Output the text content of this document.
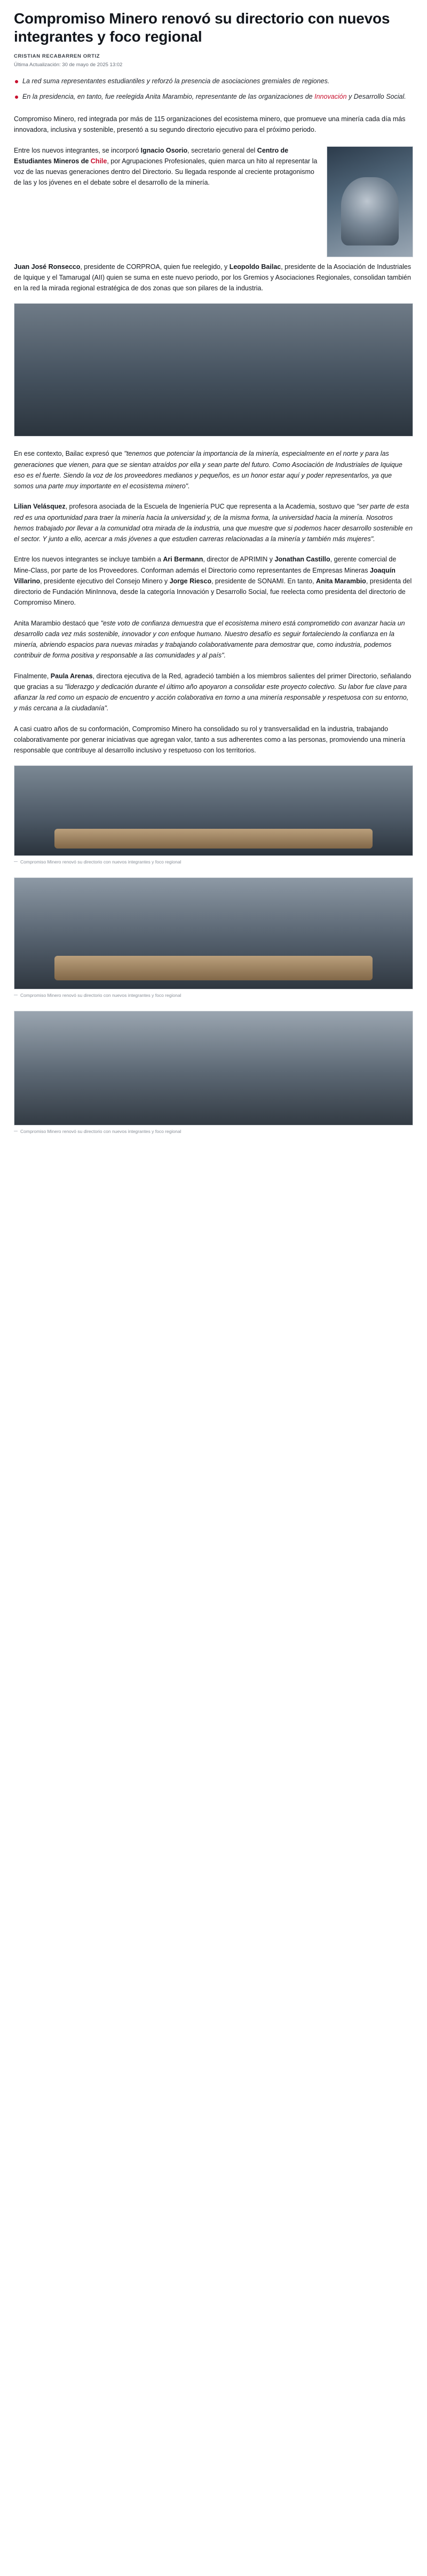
Compromiso Minero renovó su directorio con nuevos integrantes y foco regional
CRISTIAN RECABARREN ORTIZ
Última Actualización: 30 de mayo de 2025 13:02
La red suma representantes estudiantiles y reforzó la presencia de asociaciones gremiales de regiones.
En la presidencia, en tanto, fue reelegida Anita Marambio, representante de las organizaciones de Innovación y Desarrollo Social.

Compromiso Minero, red integrada por más de 115 organizaciones del ecosistema minero, que promueve una minería cada día más innovadora, inclusiva y sostenible, presentó a su segundo directorio ejecutivo para el próximo periodo.

Entre los nuevos integrantes, se incorporó Ignacio Osorio, secretario general del Centro de Estudiantes Mineros de Chile, por Agrupaciones Profesionales, quien marca un hito al representar la voz de las nuevas generaciones dentro del Directorio. Su llegada responde al creciente protagonismo de las y los jóvenes en el debate sobre el desarrollo de la minería.

Juan José Ronsecco, presidente de CORPROA, quien fue reelegido, y Leopoldo Bailac, presidente de la Asociación de Industriales de Iquique y el Tamarugal (AII) quien se suma en este nuevo periodo, por los Gremios y Asociaciones Regionales, consolidan también en la red la mirada regional estratégica de dos zonas que son pilares de la industria.

En ese contexto, Bailac expresó que "tenemos que potenciar la importancia de la minería, especialmente en el norte y para las generaciones que vienen, para que se sientan atraídos por ella y sean parte del futuro. Como Asociación de Industriales de Iquique eso es el fuerte. Siendo la voz de los proveedores medianos y pequeños, es un honor estar aquí y poder representarlos, ya que somos una parte muy importante en el ecosistema minero".

Lilian Velásquez, profesora asociada de la Escuela de Ingeniería PUC que representa a la Academia, sostuvo que "ser parte de esta red es una oportunidad para traer la minería hacia la universidad y, de la misma forma, la universidad hacia la minería. Nosotros hemos trabajado por llevar a la comunidad otra mirada de la industria, una que muestre que si podemos hacer desarrollo sostenible en el sector. Y junto a ello, acercar a más jóvenes a que estudien carreras relacionadas a la minería y también más mujeres".

Entre los nuevos integrantes se incluye también a Ari Bermann, director de APRIMIN y Jonathan Castillo, gerente comercial de Mine-Class, por parte de los Proveedores. Conforman además el Directorio como representantes de Empresas Mineras Joaquín Villarino, presidente ejecutivo del Consejo Minero y Jorge Riesco, presidente de SONAMI. En tanto, Anita Marambio, presidenta del directorio de Fundación MinInnova, desde la categoría Innovación y Desarrollo Social, fue reelecta como presidenta del directorio de Compromiso Minero.

Anita Marambio destacó que "este voto de confianza demuestra que el ecosistema minero está comprometido con avanzar hacia un desarrollo cada vez más sostenible, innovador y con enfoque humano. Nuestro desafío es seguir fortaleciendo la confianza en la minería, abriendo espacios para nuevas miradas y trabajando colaborativamente para demostrar que, como industria, podemos contribuir de forma positiva y responsable a las comunidades y al país".

Finalmente, Paula Arenas, directora ejecutiva de la Red, agradeció también a los miembros salientes del primer Directorio, señalando que gracias a su "liderazgo y dedicación durante el último año apoyaron a consolidar este proyecto colectivo. Su labor fue clave para afianzar la red como un espacio de encuentro y acción colaborativa en torno a una minería responsable y respetuosa con su entorno, y más cercana a la ciudadanía".

A casi cuatro años de su conformación, Compromiso Minero ha consolidado su rol y transversalidad en la industria, trabajando colaborativamente por generar iniciativas que agregan valor, tanto a sus adherentes como a las personas, promoviendo una minería responsable que contribuye al desarrollo inclusivo y respetuoso con los territorios.

Compromiso Minero renovó su directorio con nuevos integrantes y foco regional
Compromiso Minero renovó su directorio con nuevos integrantes y foco regional
Compromiso Minero renovó su directorio con nuevos integrantes y foco regional
